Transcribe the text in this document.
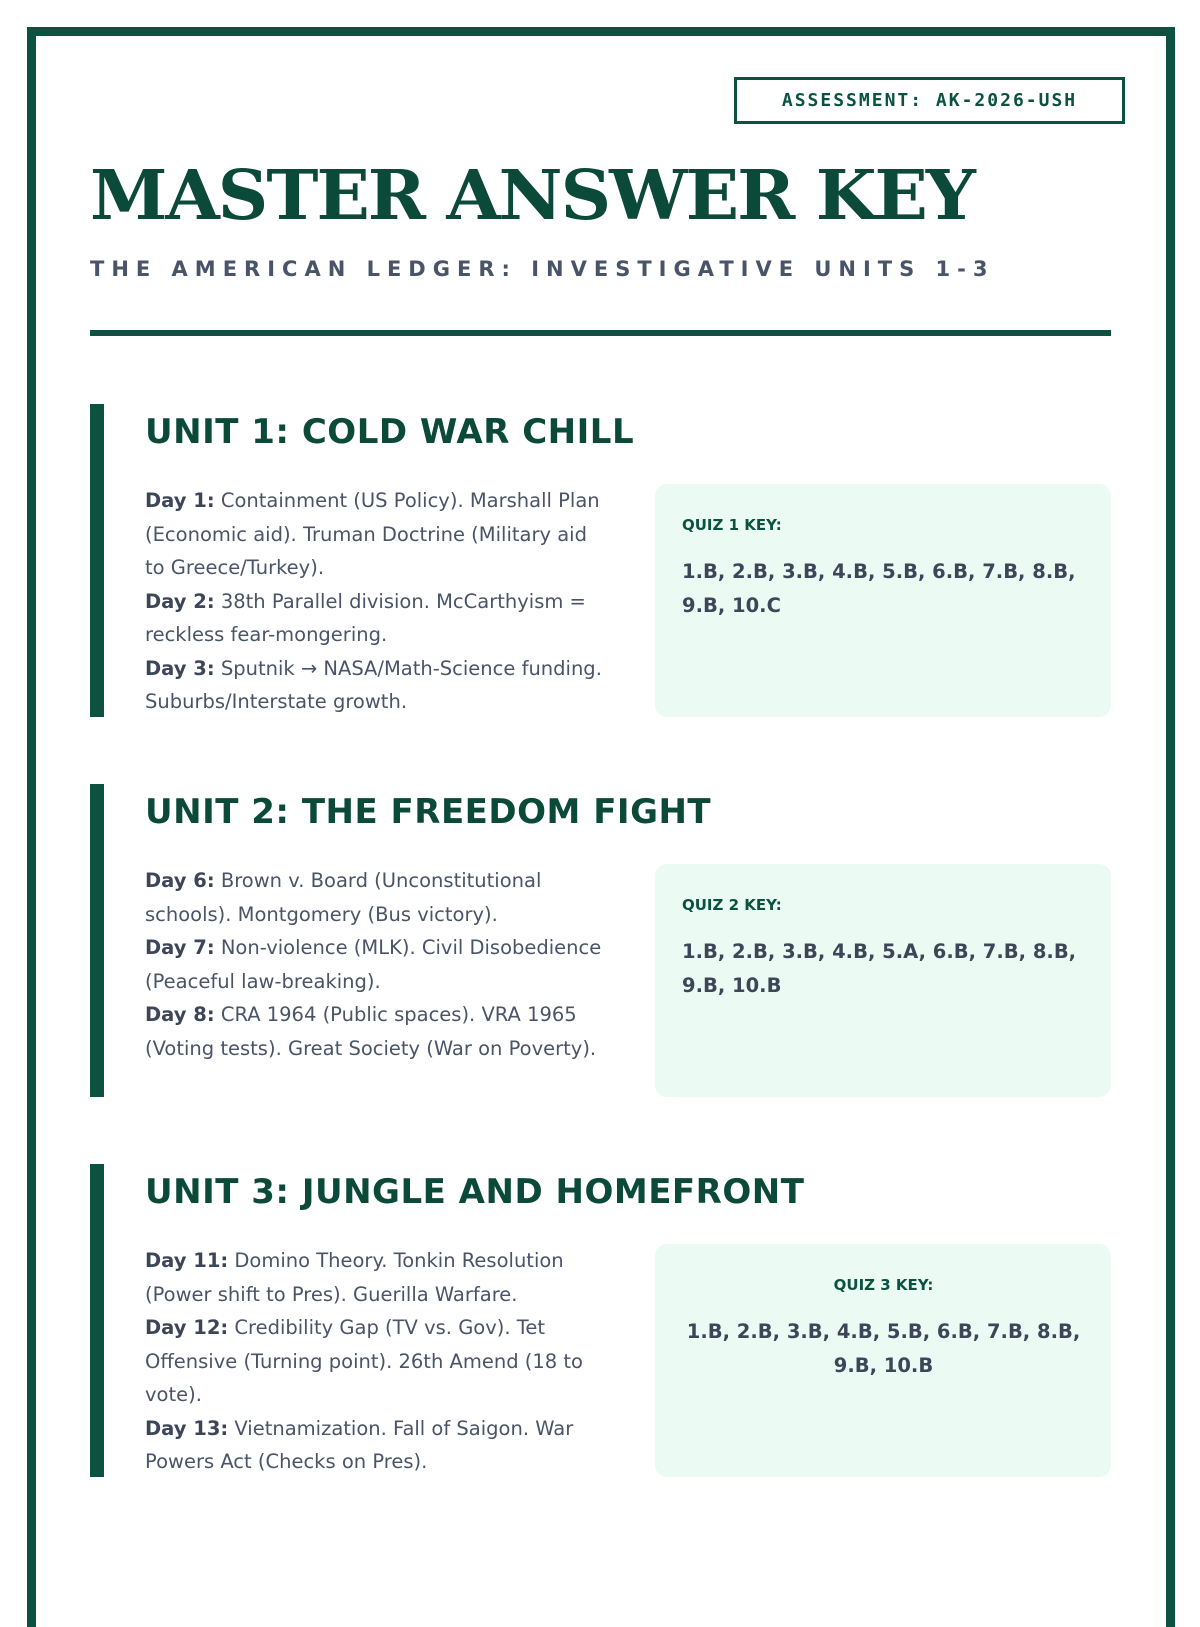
ASSESSMENT: AK-2026-USH
MASTER ANSWER KEY

THE AMERICAN LEDGER: INVESTIGATIVE UNITS 1-3

UNIT 1: COLD WAR CHILL
Day 1: Containment (US Policy). Marshall Plan (Economic aid). Truman Doctrine (Military aid to Greece/Turkey).
Day 2: 38th Parallel division. McCarthyism = reckless fear-mongering.
Day 3: Sputnik → NASA/Math-Science funding. Suburbs/Interstate growth.

QUIZ 1 KEY:

1.B, 2.B, 3.B, 4.B, 5.B, 6.B, 7.B, 8.B, 9.B, 10.C

UNIT 2: THE FREEDOM FIGHT
Day 6: Brown v. Board (Unconstitutional schools). Montgomery (Bus victory).
Day 7: Non-violence (MLK). Civil Disobedience (Peaceful law-breaking).
Day 8: CRA 1964 (Public spaces). VRA 1965 (Voting tests). Great Society (War on Poverty).

QUIZ 2 KEY:

1.B, 2.B, 3.B, 4.B, 5.A, 6.B, 7.B, 8.B, 9.B, 10.B

UNIT 3: JUNGLE AND HOMEFRONT
Day 11: Domino Theory. Tonkin Resolution (Power shift to Pres). Guerilla Warfare.
Day 12: Credibility Gap (TV vs. Gov). Tet Offensive (Turning point). 26th Amend (18 to vote).
Day 13: Vietnamization. Fall of Saigon. War Powers Act (Checks on Pres).

QUIZ 3 KEY:

1.B, 2.B, 3.B, 4.B, 5.B, 6.B, 7.B, 8.B, 9.B, 10.B
